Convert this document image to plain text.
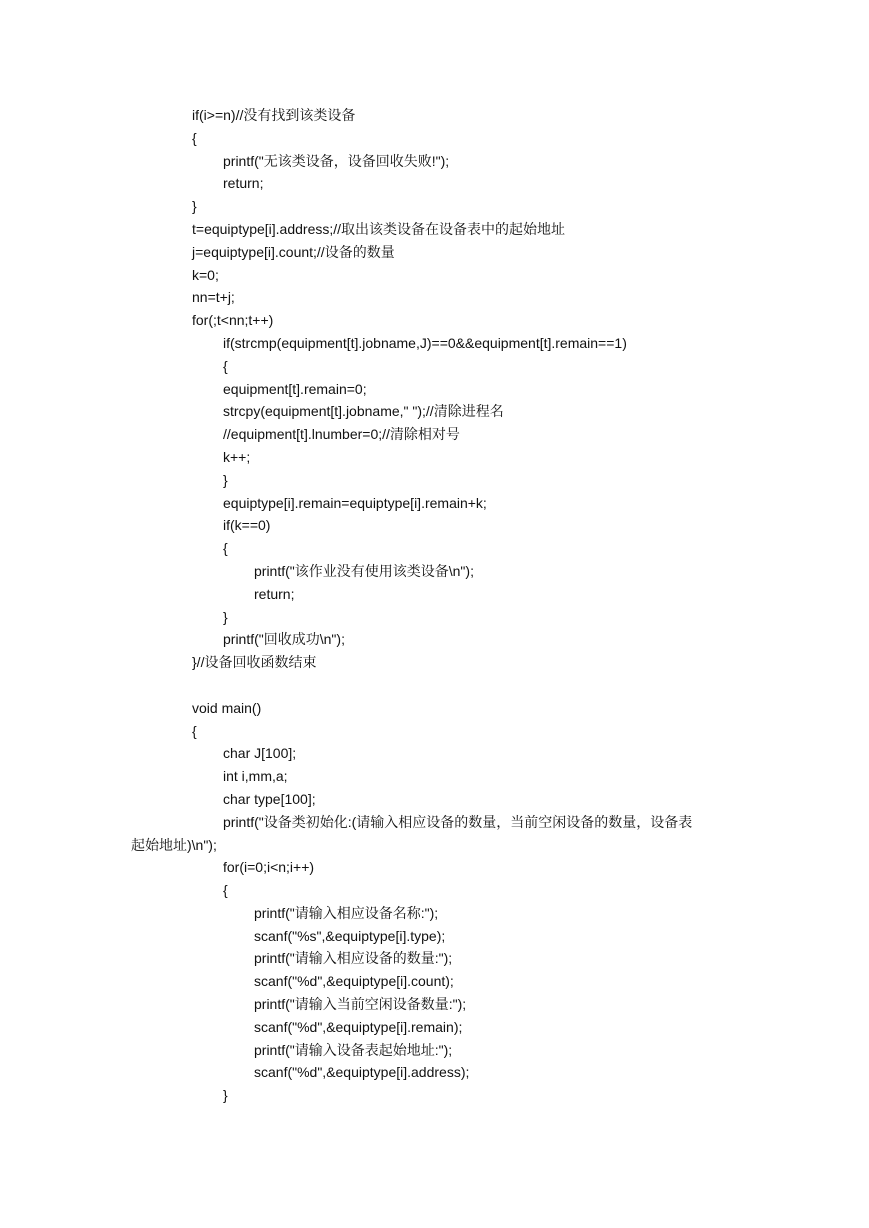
if(i>=n)//没有找到该类设备
{
printf("无该类设备，设备回收失败!");
return;
}
t=equiptype[i].address;//取出该类设备在设备表中的起始地址
j=equiptype[i].count;//设备的数量
k=0;
nn=t+j;
for(;t<nn;t++)
if(strcmp(equipment[t].jobname,J)==0&&equipment[t].remain==1)
{
equipment[t].remain=0;
strcpy(equipment[t].jobname," ");//清除进程名
//equipment[t].lnumber=0;//清除相对号
k++;
}
equiptype[i].remain=equiptype[i].remain+k;
if(k==0)
{
printf("该作业没有使用该类设备\n");
return;
}
printf("回收成功\n");
}//设备回收函数结束
void main()
{
char J[100];
int i,mm,a;
char type[100];
printf("设备类初始化:(请输入相应设备的数量，当前空闲设备的数量，设备表
起始地址)\n");
for(i=0;i<n;i++)
{
printf("请输入相应设备名称:");
scanf("%s",&equiptype[i].type);
printf("请输入相应设备的数量:");
scanf("%d",&equiptype[i].count);
printf("请输入当前空闲设备数量:");
scanf("%d",&equiptype[i].remain);
printf("请输入设备表起始地址:");
scanf("%d",&equiptype[i].address);
}
